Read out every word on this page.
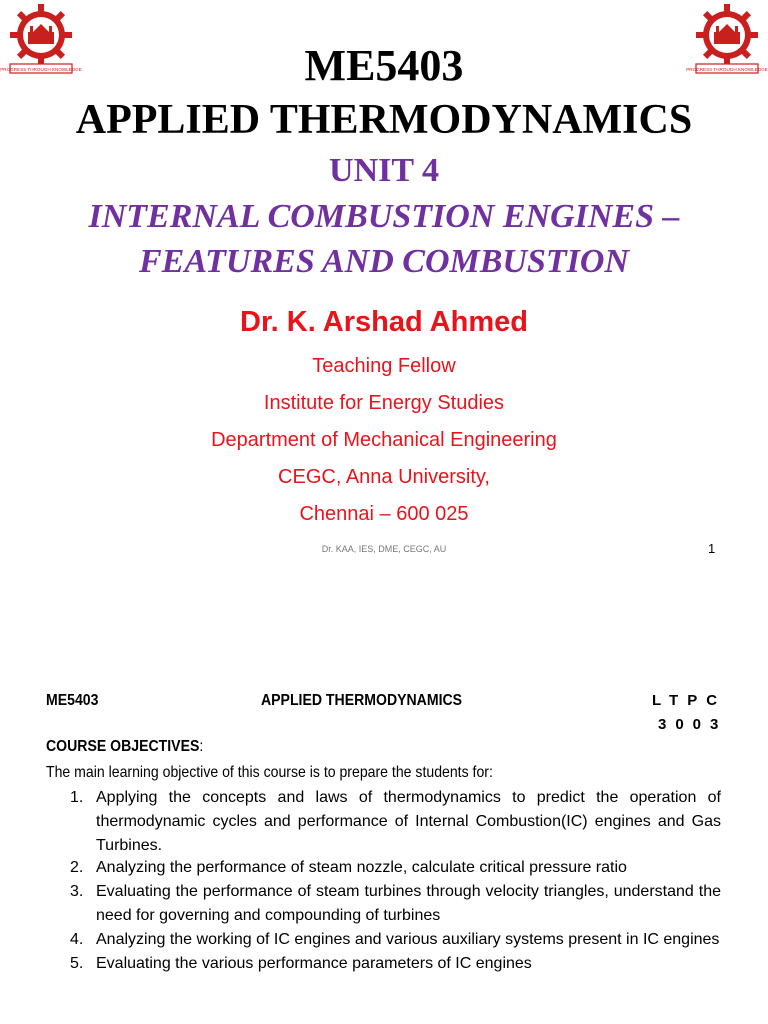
PROGRESS THROUGH KNOWLEDGE	PROGRESS THROUGH KNOWLEDGE
ME5403
APPLIED THERMODYNAMICS
UNIT 4
INTERNAL COMBUSTION ENGINES –
FEATURES AND COMBUSTION
Dr. K. Arshad Ahmed
Teaching Fellow
Institute for Energy Studies
Department of Mechanical Engineering
CEGC, Anna University,
Chennai – 600 025
Dr. KAA, IES, DME, CEGC, AU	1
ME5403	APPLIED THERMODYNAMICS	LTPC
3003
COURSE OBJECTIVES:
The main learning objective of this course is to prepare the students for:
1. Applying the concepts and laws of thermodynamics to predict the operation of
thermodynamic cycles and performance of Internal Combustion(IC) engines and Gas
Turbines.
2. Analyzing the performance of steam nozzle, calculate critical pressure ratio
3. Evaluating the performance of steam turbines through velocity triangles, understand the
need for governing and compounding of turbines
4. Analyzing the working of IC engines and various auxiliary systems present in IC engines
5. Evaluating the various performance parameters of IC engines
